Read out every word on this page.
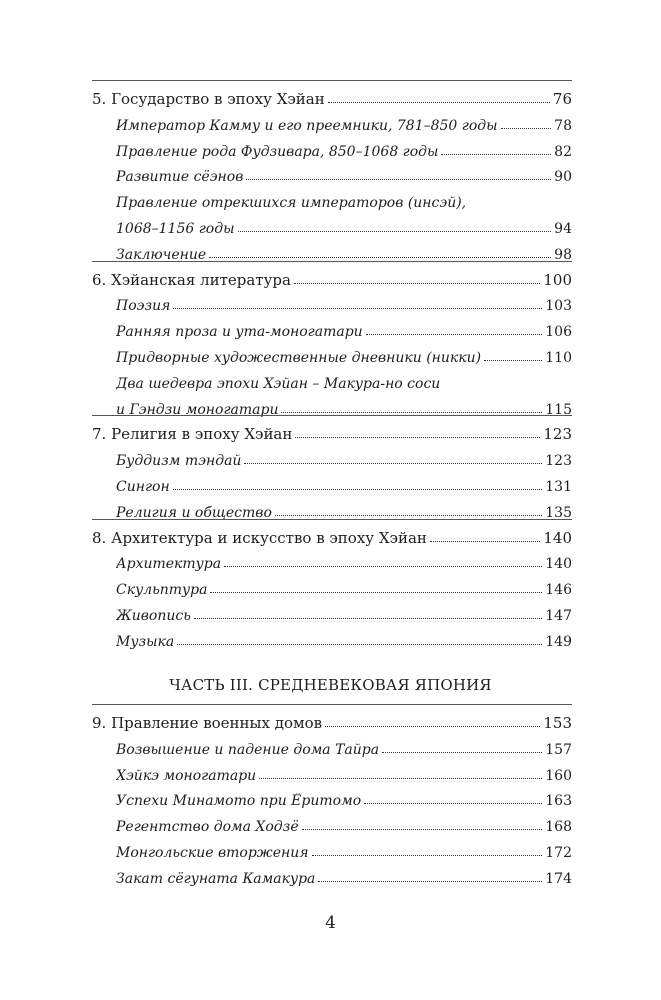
5. Государство в эпоху Хэйан	76
Император Камму и его преемники, 781–850 годы	78
Правление рода Фудзивара, 850–1068 годы	82
Развитие сёэнов	90
Правление отрекшихся императоров (инсэй),
1068–1156 годы	94
Заключение	98
6. Хэйанская литература	100
Поэзия	103
Ранняя проза и ута-моногатари	106
Придворные художественные дневники (никки)	110
Два шедевра эпохи Хэйан – Макура-но соси
и Гэндзи моногатари	115
7. Религия в эпоху Хэйан	123
Буддизм тэндай	123
Сингон	131
Религия и общество	135
8. Архитектура и искусство в эпоху Хэйан	140
Архитектура	140
Скульптура	146
Живопись	147
Музыка	149
ЧАСТЬ III. СРЕДНЕВЕКОВАЯ ЯПОНИЯ
9. Правление военных домов	153
Возвышение и падение дома Тайра	157
Хэйкэ моногатари	160
Успехи Минамото при Ёритомо	163
Регентство дома Ходзё	168
Монгольские вторжения	172
Закат сёгуната Камакура	174
4
